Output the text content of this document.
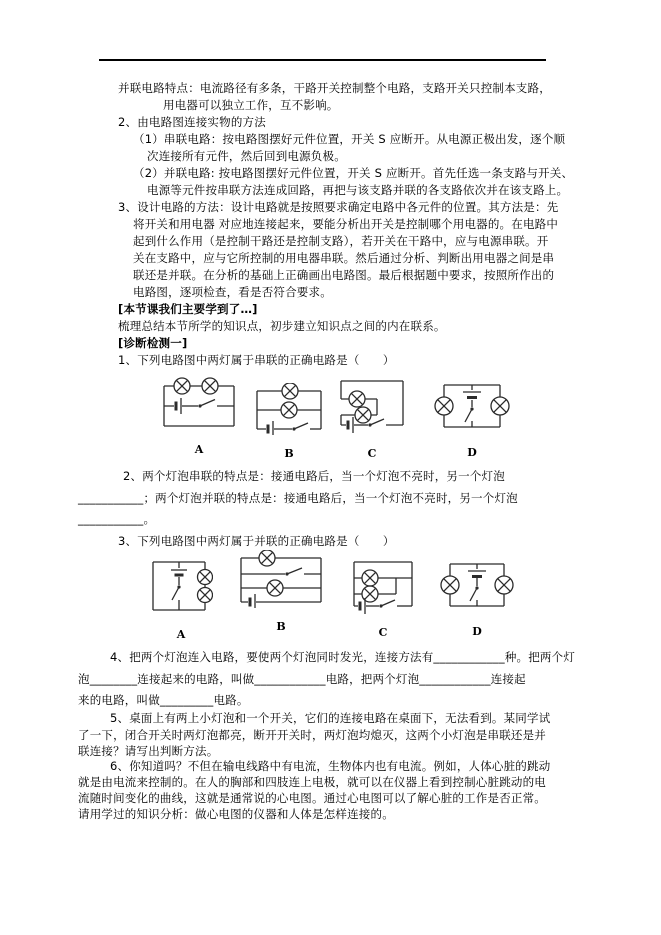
并联电路特点：电流路径有多条，干路开关控制整个电路，支路开关只控制本支路，
用电器可以独立工作，互不影响。
2、由电路图连接实物的方法
（1）串联电路：按电路图摆好元件位置，开关 S 应断开。从电源正极出发，逐个顺
次连接所有元件，然后回到电源负极。
（2）并联电路: 按电路图摆好元件位置，开关 S 应断开。首先任选一条支路与开关、
电源等元件按串联方法连成回路，再把与该支路并联的各支路依次并在该支路上。
3、设计电路的方法：设计电路就是按照要求确定电路中各元件的位置。其方法是：先
将开关和用电器 对应地连接起来，要能分析出开关是控制哪个用电器的。在电路中
起到什么作用（是控制干路还是控制支路），若开关在干路中，应与电源串联。开
关在支路中，应与它所控制的用电器串联。然后通过分析、判断出用电器之间是串
联还是并联。在分析的基础上正确画出电路图。最后根据题中要求，按照所作出的
电路图，逐项检查，看是否符合要求。
[本节课我们主要学到了…]
梳理总结本节所学的知识点，初步建立知识点之间的内在联系。
[诊断检测一]
1、下列电路图中两灯属于串联的正确电路是（　　）
A	B	C	D
2、两个灯泡串联的特点是：接通电路后，当一个灯泡不亮时，另一个灯泡
___________；两个灯泡并联的特点是：接通电路后，当一个灯泡不亮时，另一个灯泡
___________。
3、下列电路图中两灯属于并联的正确电路是（　　）
A
B	C	D
4、把两个灯泡连入电路，要使两个灯泡同时发光，连接方法有____________种。把两个灯
泡________连接起来的电路，叫做____________电路，把两个灯泡____________连接起
来的电路，叫做_________电路。
5、桌面上有两上小灯泡和一个开关，它们的连接电路在桌面下，无法看到。某同学试
了一下，闭合开关时两灯泡都亮，断开开关时，两灯泡均熄灭，这两个小灯泡是串联还是并
联连接？请写出判断方法。
6、你知道吗？不但在输电线路中有电流，生物体内也有电流。例如，人体心脏的跳动
就是由电流来控制的。在人的胸部和四肢连上电极，就可以在仪器上看到控制心脏跳动的电
流随时间变化的曲线，这就是通常说的心电图。通过心电图可以了解心脏的工作是否正常。
请用学过的知识分析：做心电图的仪器和人体是怎样连接的。
